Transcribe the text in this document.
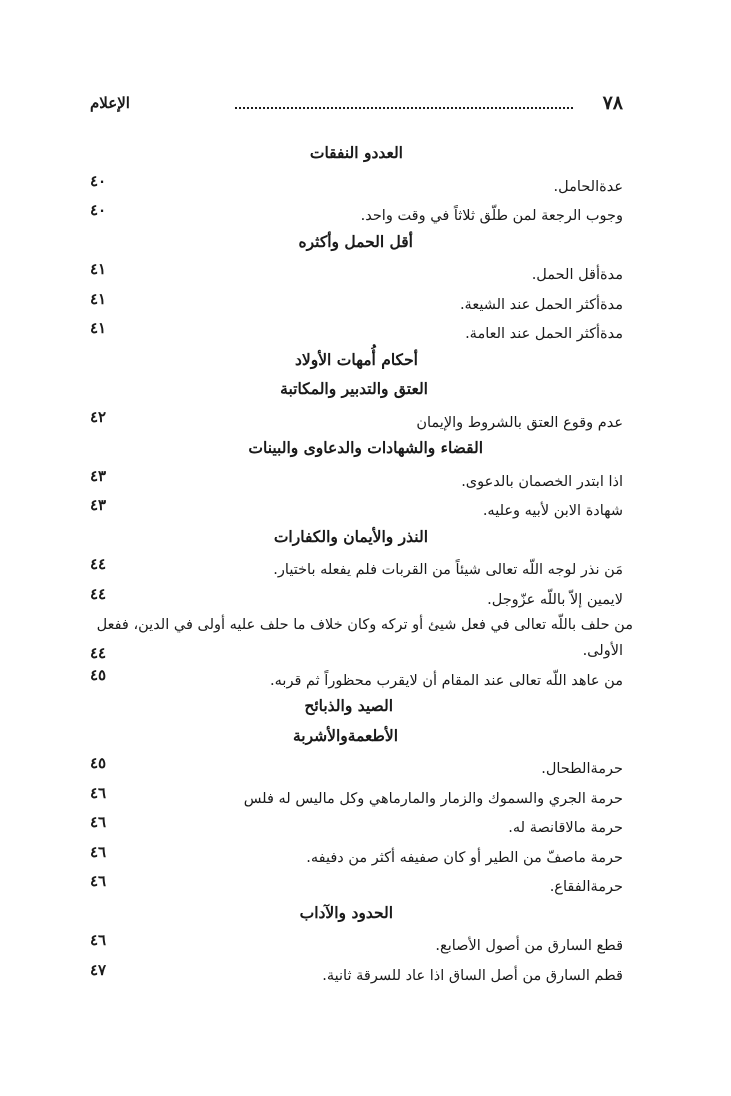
٧٨
الإعلام
العددو النفقات
عدةالحامل.
٤٠
وجوب الرجعة لمن طلّق ثلاثاً في وقت واحد.
٤٠
أقل الحمل وأكثره
مدةأقل الحمل.
٤١
مدةأكثر الحمل عند الشيعة.
٤١
مدةأكثر الحمل عند العامة.
٤١
أحكام أُمهات الأولاد
العتق والتدبير والمكاتبة
عدم وقوع العتق بالشروط والإيمان
٤٢
القضاء والشهادات والدعاوى والبينات
اذا ابتدر الخصمان بالدعوى.
٤٣
شهادة الابن لأبيه وعليه.
٤٣
النذر والأيمان والكفارات
مَن نذر لوجه اللّه تعالى شيئاً من القربات فلم يفعله باختيار.
٤٤
لايمين إلاّ باللّه عزّوجل.
٤٤
من حلف باللّه تعالى في فعل شيئ أو تركه وكان خلاف ما حلف عليه أولى في الدين، ففعل
٤٤	الأولى.
من عاهد اللّه تعالى عند المقام أن لايقرب محظوراً ثم قربه.
٤٥
الصيد والذبائح
الأطعمةوالأشربة
حرمةالطحال.
٤٥
حرمة الجري والسموك والزمار والمارماهي وكل ماليس له فلس
٤٦
حرمة مالاقانصة له.
٤٦
حرمة ماصفّ من الطير أو كان صفيفه أكثر من دفيفه.
٤٦
حرمةالفقاع.
٤٦
الحدود والآداب
قطع السارق من أصول الأصابع.
٤٦
قطم السارق من أصل الساق اذا عاد للسرقة ثانية.
٤٧
